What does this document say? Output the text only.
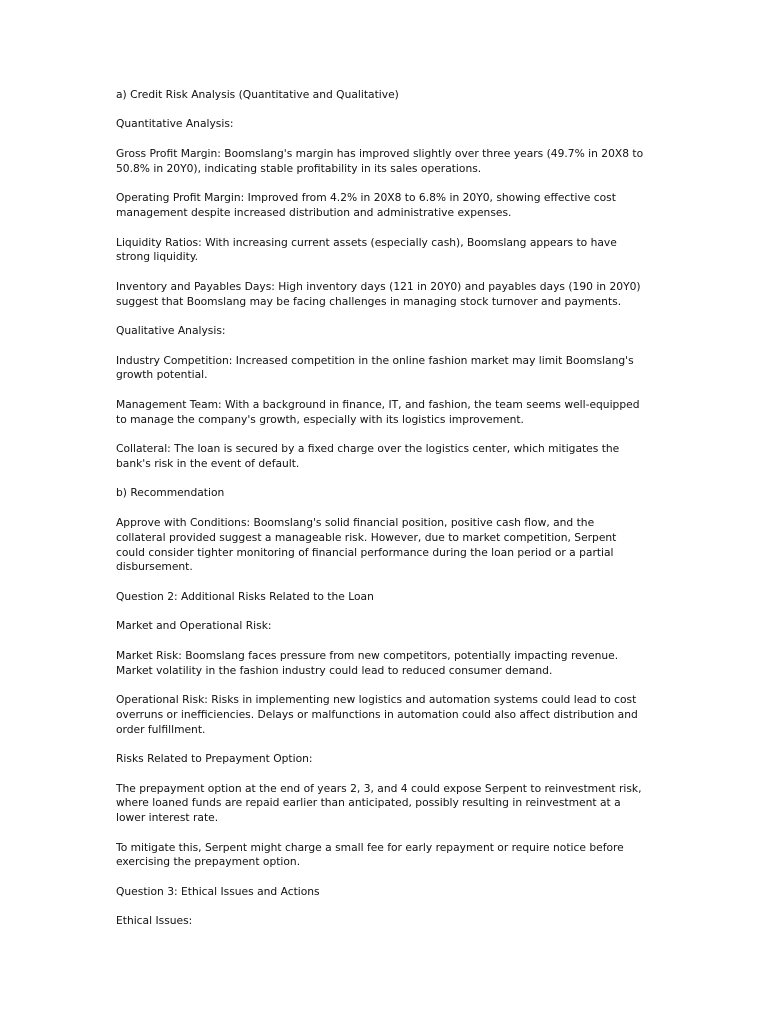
a) Credit Risk Analysis (Quantitative and Qualitative)

Quantitative Analysis:

Gross Profit Margin: Boomslang's margin has improved slightly over three years (49.7% in 20X8 to 50.8% in 20Y0), indicating stable profitability in its sales operations.

Operating Profit Margin: Improved from 4.2% in 20X8 to 6.8% in 20Y0, showing effective cost management despite increased distribution and administrative expenses.

Liquidity Ratios: With increasing current assets (especially cash), Boomslang appears to have strong liquidity.

Inventory and Payables Days: High inventory days (121 in 20Y0) and payables days (190 in 20Y0) suggest that Boomslang may be facing challenges in managing stock turnover and payments.

Qualitative Analysis:

Industry Competition: Increased competition in the online fashion market may limit Boomslang's growth potential.

Management Team: With a background in finance, IT, and fashion, the team seems well-equipped to manage the company's growth, especially with its logistics improvement.

Collateral: The loan is secured by a fixed charge over the logistics center, which mitigates the bank's risk in the event of default.

b) Recommendation

Approve with Conditions: Boomslang's solid financial position, positive cash flow, and the collateral provided suggest a manageable risk. However, due to market competition, Serpent could consider tighter monitoring of financial performance during the loan period or a partial disbursement.

Question 2: Additional Risks Related to the Loan

Market and Operational Risk:

Market Risk: Boomslang faces pressure from new competitors, potentially impacting revenue. Market volatility in the fashion industry could lead to reduced consumer demand.

Operational Risk: Risks in implementing new logistics and automation systems could lead to cost overruns or inefficiencies. Delays or malfunctions in automation could also affect distribution and order fulfillment.

Risks Related to Prepayment Option:

The prepayment option at the end of years 2, 3, and 4 could expose Serpent to reinvestment risk, where loaned funds are repaid earlier than anticipated, possibly resulting in reinvestment at a lower interest rate.

To mitigate this, Serpent might charge a small fee for early repayment or require notice before exercising the prepayment option.

Question 3: Ethical Issues and Actions

Ethical Issues:
